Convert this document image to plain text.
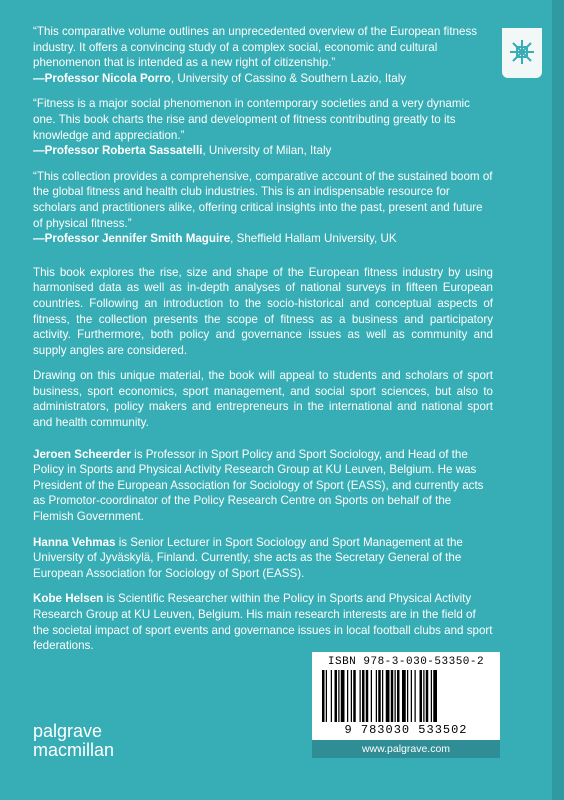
“This comparative volume outlines an unprecedented overview of the European fitness industry. It offers a convincing study of a complex social, economic and cultural phenomenon that is intended as a new right of citizenship.”

—Professor Nicola Porro, University of Cassino & Southern Lazio, Italy

“Fitness is a major social phenomenon in contemporary societies and a very dynamic one. This book charts the rise and development of fitness contributing greatly to its knowledge and appreciation.”

—Professor Roberta Sassatelli, University of Milan, Italy

“This collection provides a comprehensive, comparative account of the sustained boom of the global fitness and health club industries. This is an indispensable resource for scholars and practitioners alike, offering critical insights into the past, present and future of physical fitness.”

—Professor Jennifer Smith Maguire, Sheffield Hallam University, UK

This book explores the rise, size and shape of the European fitness industry by using harmonised data as well as in-depth analyses of national surveys in fifteen European countries. Following an introduction to the socio-historical and conceptual aspects of fitness, the collection presents the scope of fitness as a business and participatory activity. Furthermore, both policy and governance issues as well as community and supply angles are considered.

Drawing on this unique material, the book will appeal to students and scholars of sport business, sport economics, sport management, and social sport sciences, but also to administrators, policy makers and entrepreneurs in the international and national sport and health community.

Jeroen Scheerder is Professor in Sport Policy and Sport Sociology, and Head of the Policy in Sports and Physical Activity Research Group at KU Leuven, Belgium. He was President of the European Association for Sociology of Sport (EASS), and currently acts as Promotor-coordinator of the Policy Research Centre on Sports on behalf of the Flemish Government.

Hanna Vehmas is Senior Lecturer in Sport Sociology and Sport Management at the University of Jyväskylä, Finland. Currently, she acts as the Secretary General of the European Association for Sociology of Sport (EASS).

Kobe Helsen is Scientific Researcher within the Policy in Sports and Physical Activity Research Group at KU Leuven, Belgium. His main research interests are in the field of the societal impact of sport events and governance issues in local football clubs and sport federations.

ISBN 978-3-030-53350-2
9 783030 533502
www.palgrave.com
palgrave
macmillan
